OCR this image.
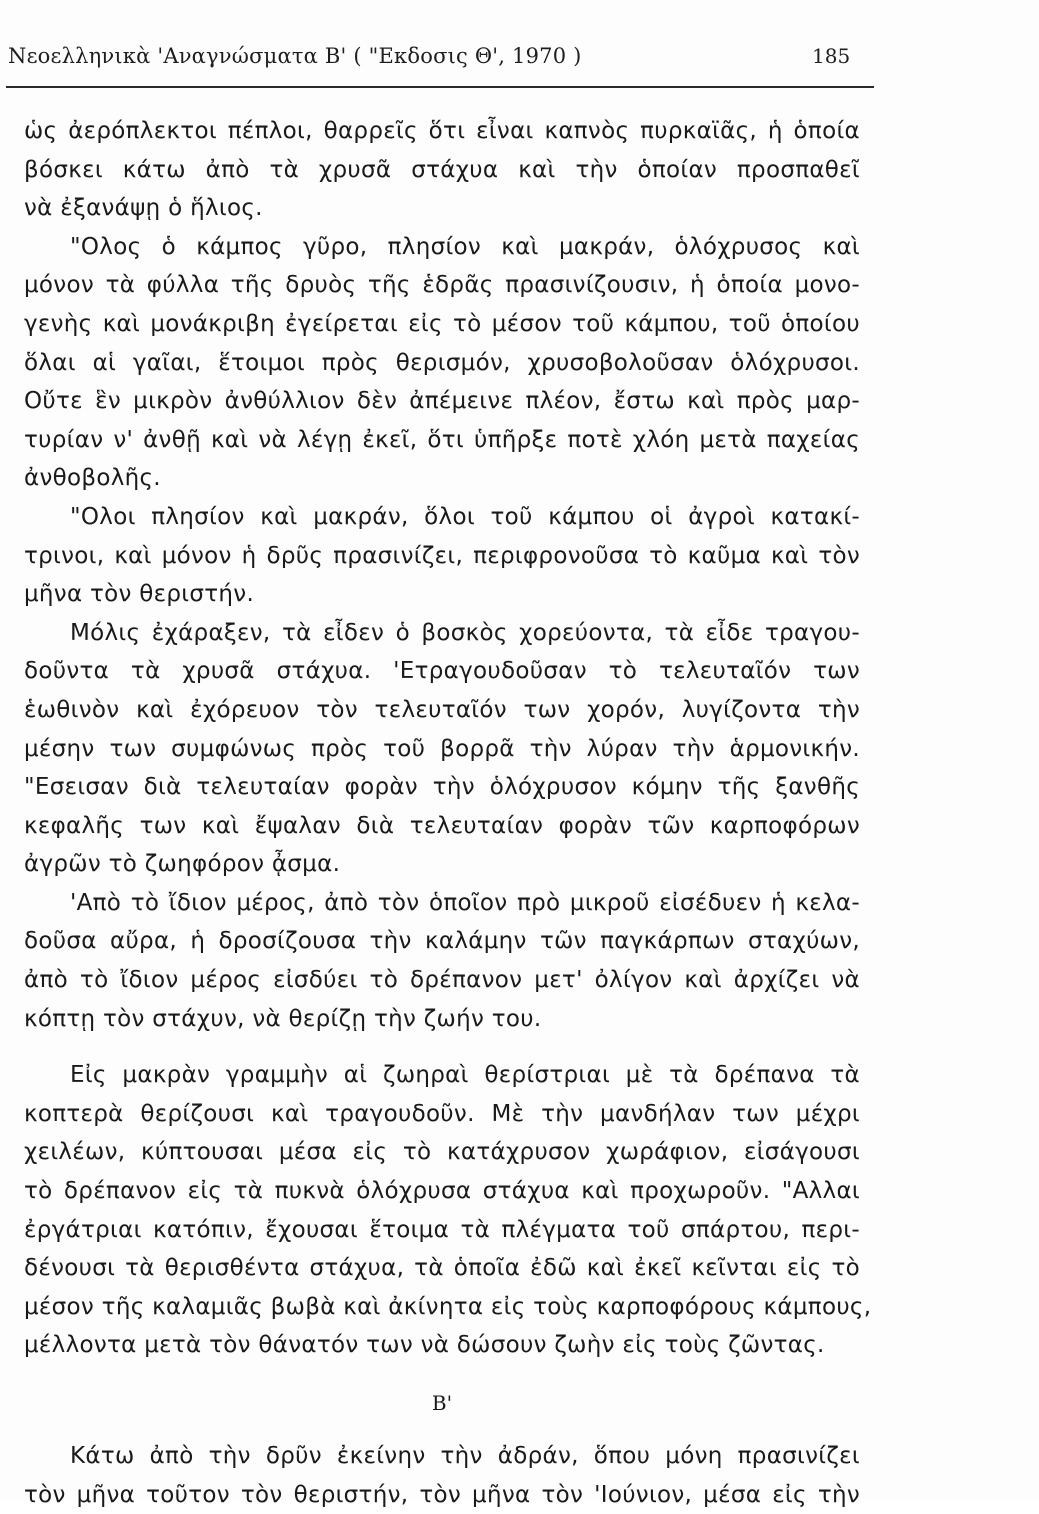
Νεοελληνικὰ 'Αναγνώσματα Β' ( "Εκδοσις Θ', 1970 )	185
ὡς ἀερόπλεκτοι πέπλοι, θαρρεῖς ὅτι εἶναι καπνὸς πυρκαϊᾶς, ἡ ὁποία
βόσκει κάτω ἀπὸ τὰ χρυσᾶ στάχυα καὶ τὴν ὁποίαν προσπαθεῖ
νὰ ἐξανάψῃ ὁ ἥλιος.
"Ολος ὁ κάμπος γῦρο, πλησίον καὶ μακράν, ὁλόχρυσος καὶ
μόνον τὰ φύλλα τῆς δρυὸς τῆς ἑδρᾶς πρασινίζουσιν, ἡ ὁποία μονο-
γενὴς καὶ μονάκριβη ἐγείρεται εἰς τὸ μέσον τοῦ κάμπου, τοῦ ὁποίου
ὅλαι αἱ γαῖαι, ἕτοιμοι πρὸς θερισμόν, χρυσοβολοῦσαν ὁλόχρυσοι.
Οὔτε ἓν μικρὸν ἀνθύλλιον δὲν ἀπέμεινε πλέον, ἔστω καὶ πρὸς μαρ-
τυρίαν ν' ἀνθῇ καὶ νὰ λέγῃ ἐκεῖ, ὅτι ὑπῆρξε ποτὲ χλόη μετὰ παχείας
ἀνθοβολῆς.
"Ολοι πλησίον καὶ μακράν, ὅλοι τοῦ κάμπου οἱ ἀγροὶ κατακί-
τρινοι, καὶ μόνον ἡ δρῦς πρασινίζει, περιφρονοῦσα τὸ καῦμα καὶ τὸν
μῆνα τὸν θεριστήν.
Μόλις ἐχάραξεν, τὰ εἶδεν ὁ βοσκὸς χορεύοντα, τὰ εἶδε τραγου-
δοῦντα τὰ χρυσᾶ στάχυα. 'Ετραγουδοῦσαν τὸ τελευταῖόν των
ἑωθινὸν καὶ ἐχόρευον τὸν τελευταῖόν των χορόν, λυγίζοντα τὴν
μέσην των συμφώνως πρὸς τοῦ βορρᾶ τὴν λύραν τὴν ἁρμονικήν.
"Εσεισαν διὰ τελευταίαν φορὰν τὴν ὁλόχρυσον κόμην τῆς ξανθῆς
κεφαλῆς των καὶ ἔψαλαν διὰ τελευταίαν φορὰν τῶν καρποφόρων
ἀγρῶν τὸ ζωηφόρον ᾆσμα.
'Απὸ τὸ ἴδιον μέρος, ἀπὸ τὸν ὁποῖον πρὸ μικροῦ εἰσέδυεν ἡ κελα-
δοῦσα αὔρα, ἡ δροσίζουσα τὴν καλάμην τῶν παγκάρπων σταχύων,
ἀπὸ τὸ ἴδιον μέρος εἰσδύει τὸ δρέπανον μετ' ὀλίγον καὶ ἀρχίζει νὰ
κόπτῃ τὸν στάχυν, νὰ θερίζῃ τὴν ζωήν του.
Εἰς μακρὰν γραμμὴν αἱ ζωηραὶ θερίστριαι μὲ τὰ δρέπανα τὰ
κοπτερὰ θερίζουσι καὶ τραγουδοῦν. Μὲ τὴν μανδήλαν των μέχρι
χειλέων, κύπτουσαι μέσα εἰς τὸ κατάχρυσον χωράφιον, εἰσάγουσι
τὸ δρέπανον εἰς τὰ πυκνὰ ὁλόχρυσα στάχυα καὶ προχωροῦν. "Αλλαι
ἐργάτριαι κατόπιν, ἔχουσαι ἕτοιμα τὰ πλέγματα τοῦ σπάρτου, περι-
δένουσι τὰ θερισθέντα στάχυα, τὰ ὁποῖα ἐδῶ καὶ ἐκεῖ κεῖνται εἰς τὸ
μέσον τῆς καλαμιᾶς βωβὰ καὶ ἀκίνητα εἰς τοὺς καρποφόρους κάμπους,
μέλλοντα μετὰ τὸν θάνατόν των νὰ δώσουν ζωὴν εἰς τοὺς ζῶντας.
Β'
Κάτω ἀπὸ τὴν δρῦν ἐκείνην τὴν ἀδράν, ὅπου μόνη πρασινίζει
τὸν μῆνα τοῦτον τὸν θεριστήν, τὸν μῆνα τὸν 'Ιούνιον, μέσα εἰς τὴν
